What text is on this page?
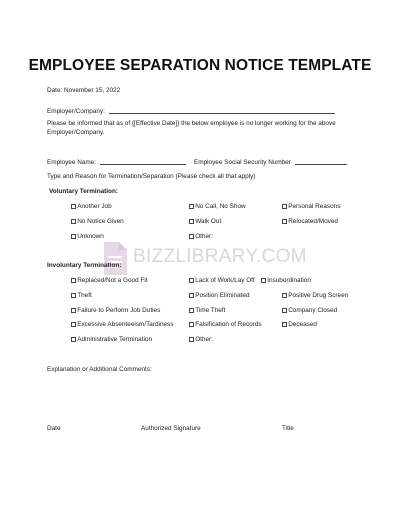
EMPLOYEE SEPARATION NOTICE TEMPLATE
Date: November 15, 2022
Employer/Company:
Please be informed that as of {[Effective Date]} the below employee is no longer working for the above Employer/Company.
Employee Name:	Employee Social Security Number
Type and Reason for Termination/Separation (Please check all that apply)
Voluntary Termination:
Another Job	No Call, No Show	Personal Reasons
No Notice Given	Walk Out	Relocated/Moved
Unknown	Other:
BIZZLIBRARY.COM
Involuntary Termination:
Replaced/Not a Good Fit	Lack of Work/Lay Off	Insubordination
Theft	Position Eliminated	Positive Drug Screen
Failure to Perform Job Duties	Time Theft	Company Closed
Excessive Absenteeism/Tardiness	Falsification of Records	Deceased
Administrative Termination	Other:
Explanation or Additional Comments:
Date	Authorized Signature	Title
